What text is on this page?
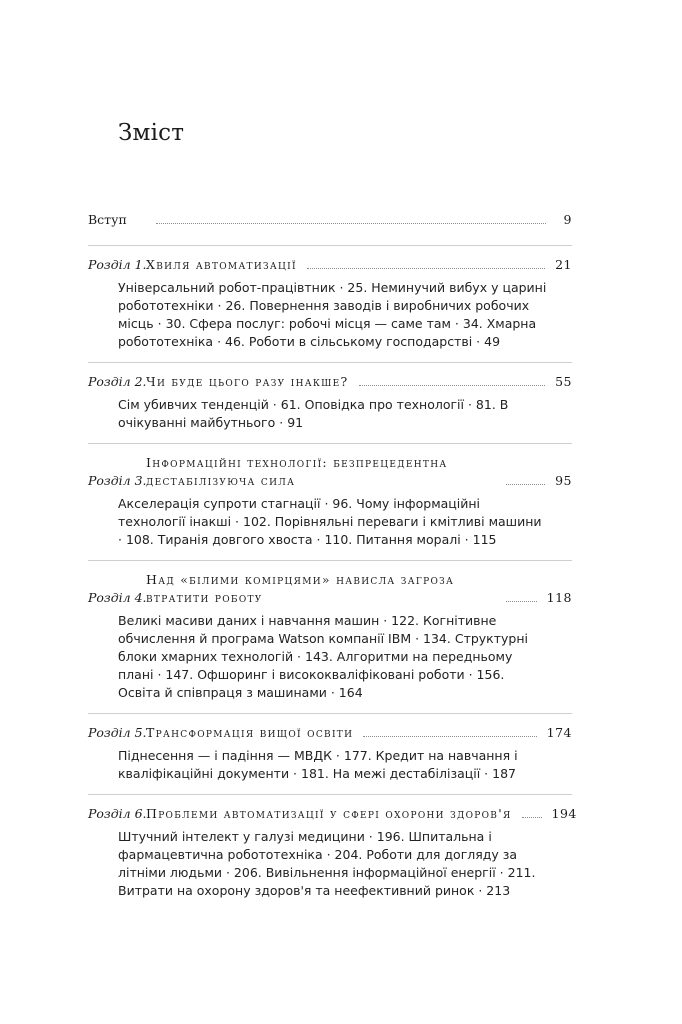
Зміст
Вступ	9
Розділ 1. хвиля автоматизації	21
Універсальний робот-працівтник · 25. Неминучий вибух у царині робототехніки · 26. Повернення заводів і виробничих робочих місць · 30. Сфера послуг: робочі місця — саме там · 34. Хмарна робототехніка · 46. Роботи в сільському господарстві · 49
Розділ 2. чи буде цього разу інакше?	55
Сім убивчих тенденцій · 61. Оповідка про технології · 81. В очікуванні майбутнього · 91
Розділ 3.
Інформаційні технології: безпрецедентна дестабілізуюча сила	95
Акселерація супроти стагнації · 96. Чому інформаційні технології інакші · 102. Порівняльні переваги і кмітливі машини · 108. Тиранія довгого хвоста · 110. Питання моралі · 115
Розділ 4.
Над «білими комірцями» нависла загроза втратити роботу	118
Великі масиви даних і навчання машин · 122. Когнітивне обчислення й програма Watson компанії IBM · 134. Структурні блоки хмарних технологій · 143. Алгоритми на передньому плані · 147. Офшоринг і висококваліфіковані роботи · 156. Освіта й співпраця з машинами · 164
Розділ 5. трансформація вищої освіти	174
Піднесення — і падіння — МВДК · 177. Кредит на навчання і кваліфікаційні документи · 181. На межі дестабілізації · 187
Розділ 6. проблеми автоматизації у сфері охорони здоров'я	194
Штучний інтелект у галузі медицини · 196. Шпитальна і фармацевтична робототехніка · 204. Роботи для догляду за літніми людьми · 206. Вивільнення інформаційної енергії · 211. Витрати на охорону здоров'я та неефективний ринок · 213
